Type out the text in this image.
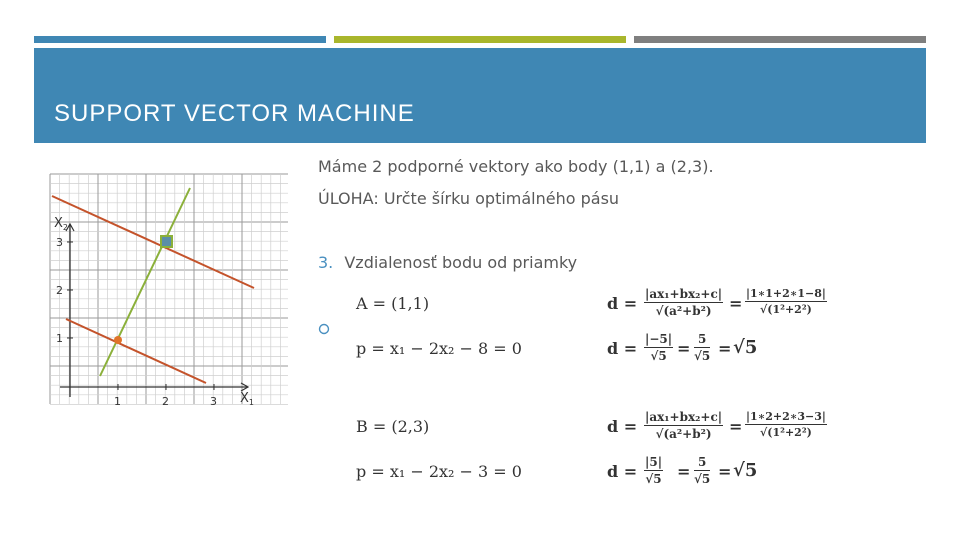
SUPPORT VECTOR MACHINE
1	2	3
1
2
3
$X_2$
$X_1$
Máme 2 podporné vektory ako body (1,1) a (2,3).
ÚLOHA: Určte šírku optimálného pásu
3. Vzdialenosť bodu od priamky
A = (1,1)
p = x₁ − 2x₂ − 8 = 0
B = (2,3)
p = x₁ − 2x₂ − 3 = 0
$d = \frac{\text{|ax₁+bx₂+c|}}{\text{√(a²+b²)}} = \frac{|1∗1+2∗1-8|}{\text{√(1²+2²)}}$
$d = \frac{|-5|}{√5} = \frac{5}{√5} = √5$
$d = \frac{\text{|ax₁+bx₂+c|}}{\text{√(a²+b²)}} = \frac{|1∗2+2∗3-3|}{\text{√(1²+2²)}}$
$d = \frac{|5|}{√5} = \frac{5}{√5} = √5$
